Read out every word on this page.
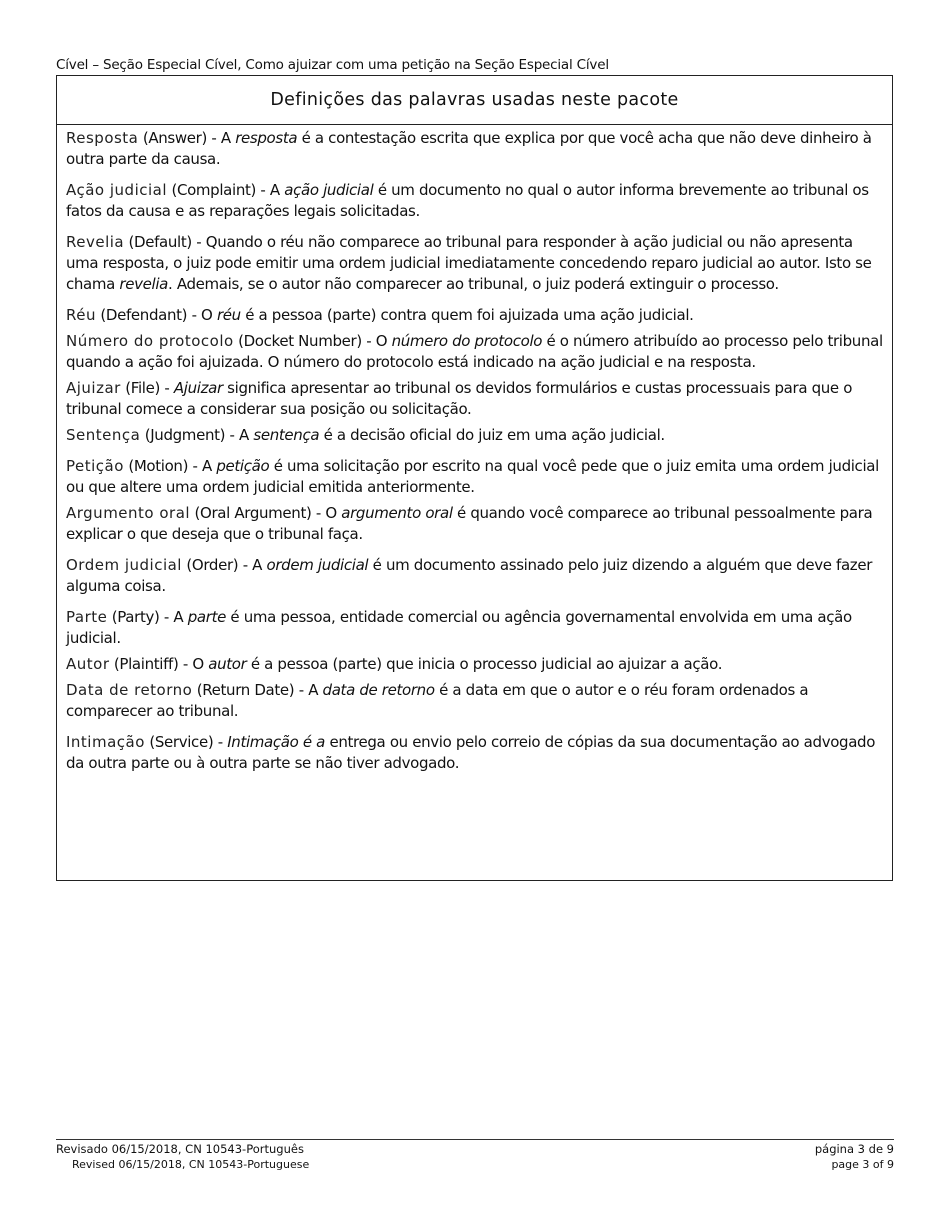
Cível – Seção Especial Cível, Como ajuizar com uma petição na Seção Especial Cível
Definições das palavras usadas neste pacote

Resposta (Answer) - A resposta é a contestação escrita que explica por que você acha que não deve dinheiro à outra parte da causa.

Ação judicial (Complaint) - A ação judicial é um documento no qual o autor informa brevemente ao tribunal os fatos da causa e as reparações legais solicitadas.

Revelia (Default) - Quando o réu não comparece ao tribunal para responder à ação judicial ou não apresenta uma resposta, o juiz pode emitir uma ordem judicial imediatamente concedendo reparo judicial ao autor. Isto se chama revelia. Ademais, se o autor não comparecer ao tribunal, o juiz poderá extinguir o processo.

Réu (Defendant) - O réu é a pessoa (parte) contra quem foi ajuizada uma ação judicial.

Número do protocolo (Docket Number) - O número do protocolo é o número atribuído ao processo pelo tribunal quando a ação foi ajuizada. O número do protocolo está indicado na ação judicial e na resposta.

Ajuizar (File) - Ajuizar significa apresentar ao tribunal os devidos formulários e custas processuais para que o tribunal comece a considerar sua posição ou solicitação.

Sentença (Judgment) - A sentença é a decisão oficial do juiz em uma ação judicial.

Petição (Motion) - A petição é uma solicitação por escrito na qual você pede que o juiz emita uma ordem judicial ou que altere uma ordem judicial emitida anteriormente.

Argumento oral (Oral Argument) - O argumento oral é quando você comparece ao tribunal pessoalmente para explicar o que deseja que o tribunal faça.

Ordem judicial (Order) - A ordem judicial é um documento assinado pelo juiz dizendo a alguém que deve fazer alguma coisa.

Parte (Party) - A parte é uma pessoa, entidade comercial ou agência governamental envolvida em uma ação judicial.

Autor (Plaintiff) - O autor é a pessoa (parte) que inicia o processo judicial ao ajuizar a ação.

Data de retorno (Return Date) - A data de retorno é a data em que o autor e o réu foram ordenados a comparecer ao tribunal.

Intimação (Service) - Intimação é a entrega ou envio pelo correio de cópias da sua documentação ao advogado da outra parte ou à outra parte se não tiver advogado.

Revisado 06/15/2018, CN 10543-Português
Revised 06/15/2018, CN 10543-Portuguese
página 3 de 9
page 3 of 9
